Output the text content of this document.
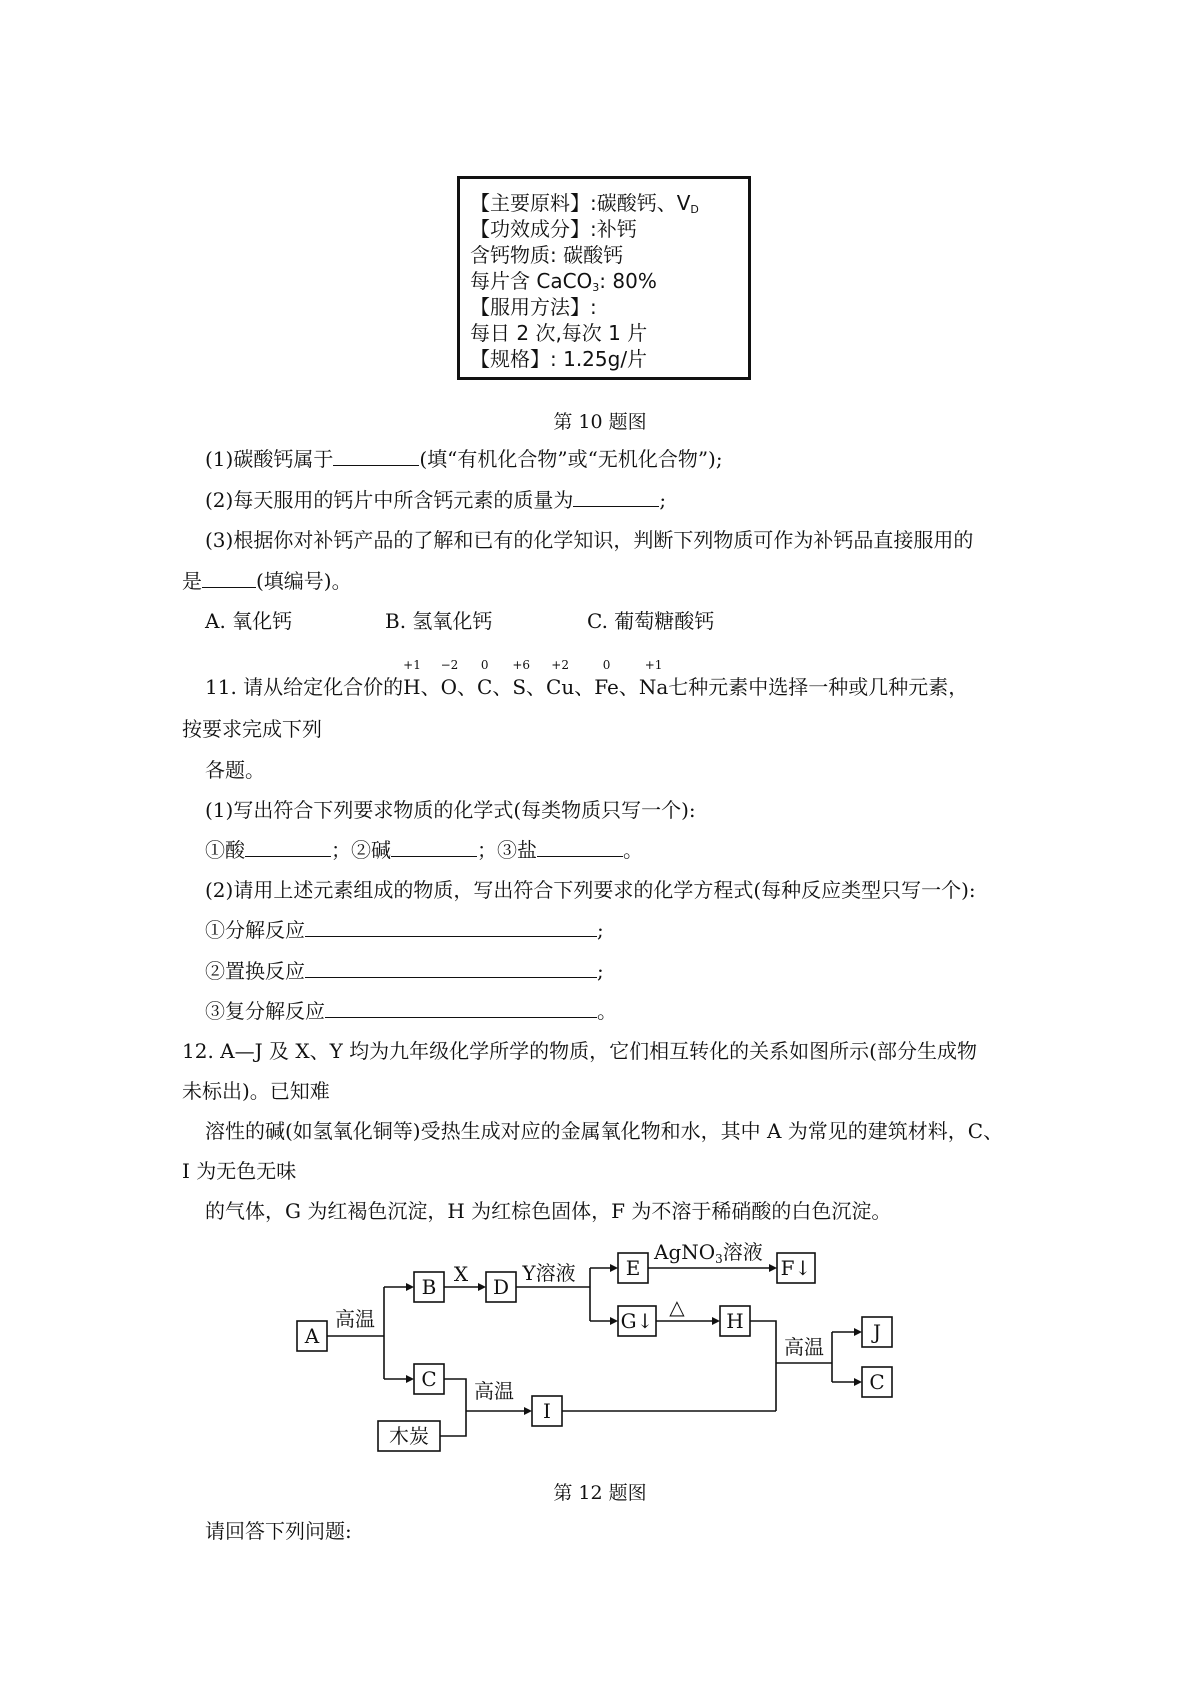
【主要原料】:碳酸钙、$V_D$
【功效成分】:补钙
含钙物质: 碳酸钙
每片含 CaCO$_3$: 80%
【服用方法】:
每日 2 次,每次 1 片
【规格】: 1.25g/片
第 10 题图
(1)碳酸钙属于	(填“有机化合物”或“无机化合物”);
(2)每天服用的钙片中所含钙元素的质量为	;
(3)根据你对补钙产品的了解和已有的化学知识，判断下列物质可作为补钙品直接服用的
是	(填编号)。
A. 氧化钙	B. 氢氧化钙	C. 葡萄糖酸钙
11. 请从给定化合价的
+1
H、
−2
O、
0
C、
+6
S、
+2
Cu、
0
Fe、
+1
Na七种元素中选择一种或几种元素，
按要求完成下列
各题。
(1)写出符合下列要求物质的化学式(每类物质只写一个):
①酸	；②碱	；③盐	。
(2)请用上述元素组成的物质，写出符合下列要求的化学方程式(每种反应类型只写一个):
①分解反应	;
②置换反应	;
③复分解反应	。
12. A—J 及 X、Y 均为九年级化学所学的物质，它们相互转化的关系如图所示(部分生成物
未标出)。已知难
溶性的碱(如氢氧化铜等)受热生成对应的金属氧化物和水，其中 A 为常见的建筑材料，C、
I 为无色无味
的气体，G 为红褐色沉淀，H 为红棕色固体，F 为不溶于稀硝酸的白色沉淀。
A
B	D
E	F↓
G↓	H
C
I
木炭
J
C
高温
高温
高温
X	Y溶液
△
AgNO$_3$溶液
第 12 题图
请回答下列问题:
